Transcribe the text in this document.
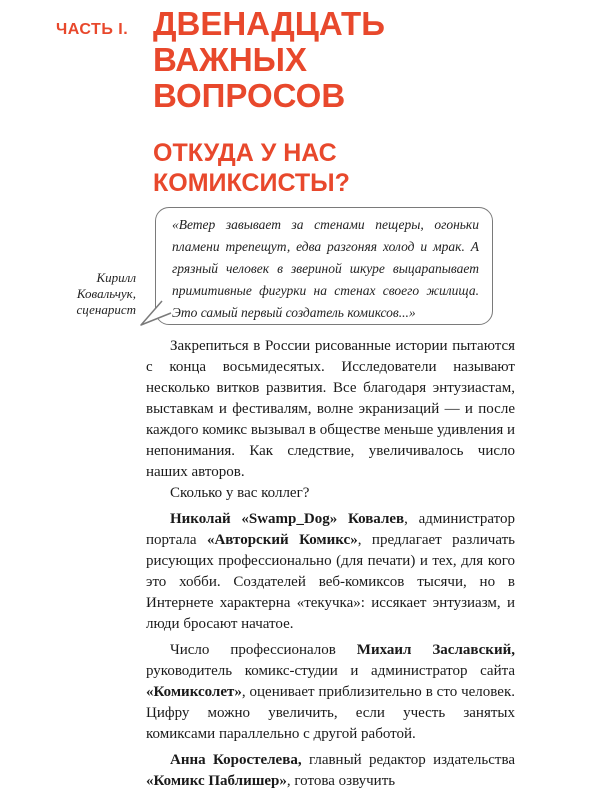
ЧАСТЬ I. ДВЕНАДЦАТЬ
ВАЖНЫХ
ВОПРОСОВ
ОТКУДА У НАС
КОМИКСИСТЫ?
Кирилл
Ковальчук,
сценарист
«Ветер завывает за стенами пещеры, огоньки пламени трепещут, едва разгоняя холод и мрак. А грязный человек в звериной шкуре выцарапывает примитивные фигурки на стенах своего жилища. Это самый первый создатель комиксов...»

Закрепиться в России рисованные истории пытаются с конца восьмидесятых. Исследователи называют несколько витков развития. Все благодаря энтузиастам, выставкам и фестивалям, волне экранизаций — и после каждого комикс вызывал в обществе меньше удивления и непонимания. Как следствие, увеличивалось число наших авторов.

Сколько у вас коллег?

Николай «Swamp_Dog» Ковалев, администратор портала «Авторский Комикс», предлагает различать рисующих профессионально (для печати) и тех, для кого это хобби. Создателей веб-комиксов тысячи, но в Интернете характерна «текучка»: иссякает энтузиазм, и люди бросают начатое.

Число профессионалов Михаил Заславский, руководитель комикс-студии и администратор сайта «Комиксолет», оценивает приблизительно в сто человек. Цифру можно увеличить, если учесть занятых комиксами параллельно с другой работой.

Анна Коростелева, главный редактор издательства «Комикс Паблишер», готова озвучить
